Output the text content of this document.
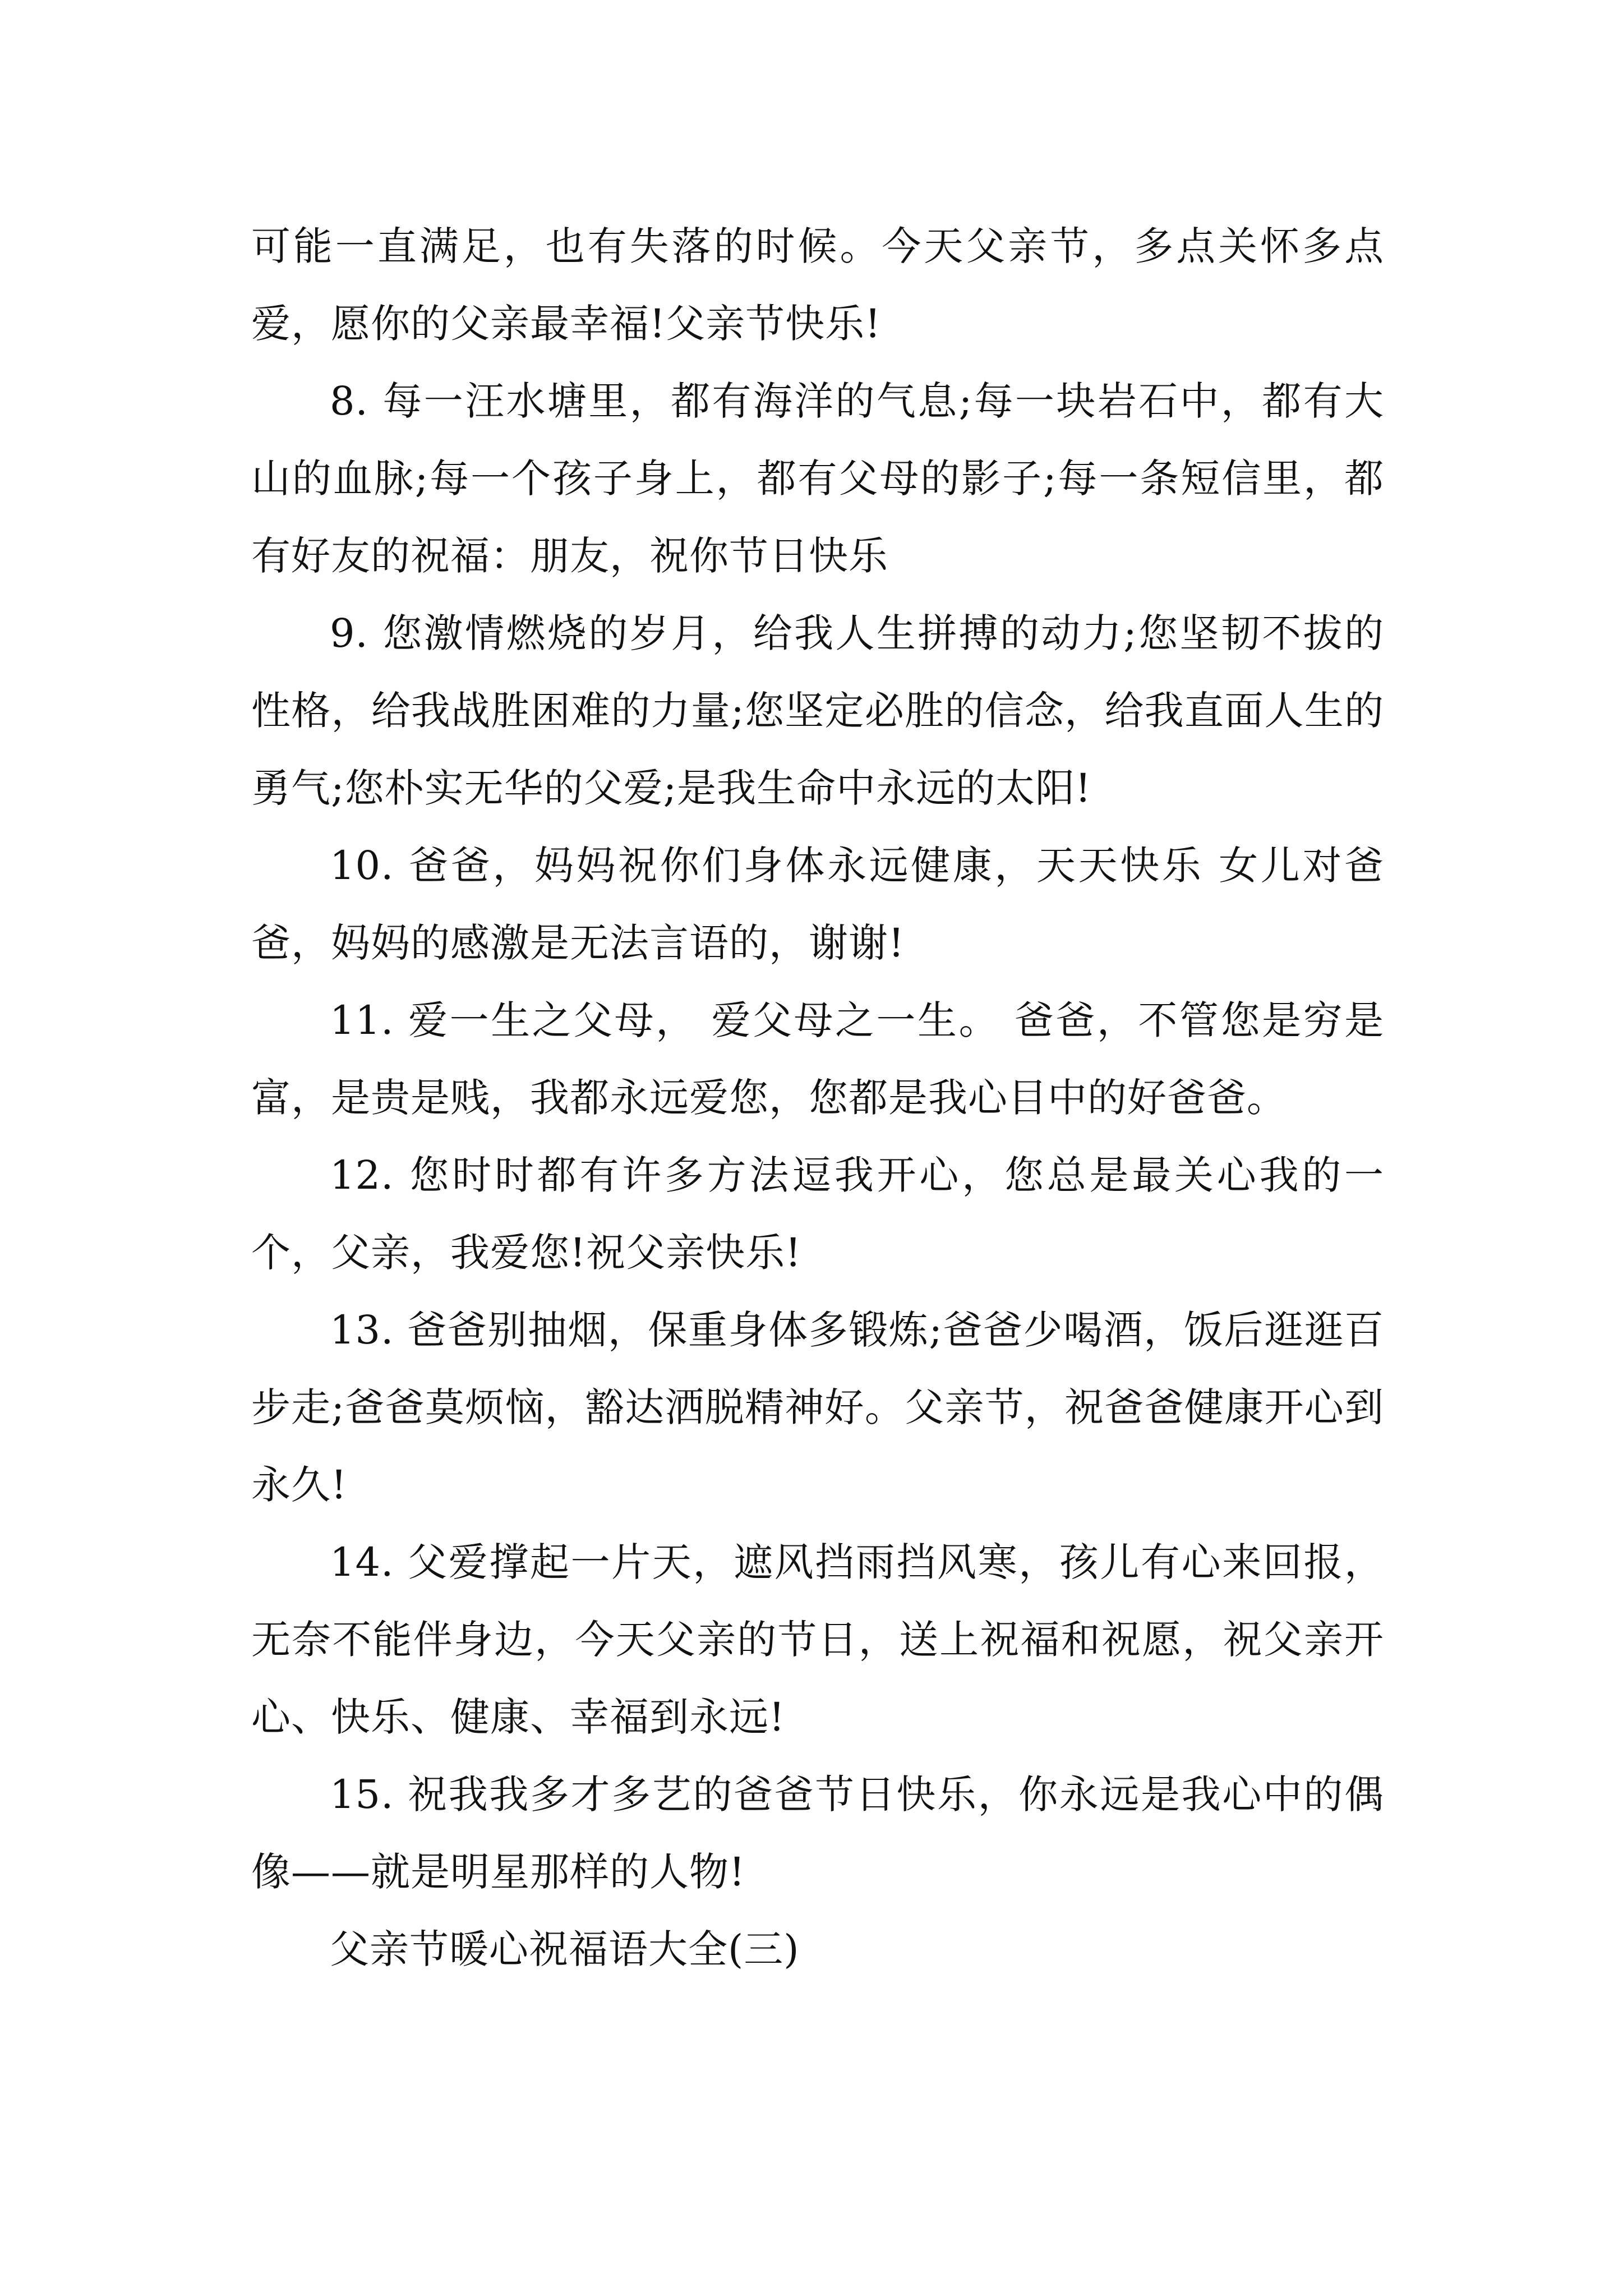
可能一直满足，也有失落的时候。今天父亲节，多点关怀多点爱，愿你的父亲最幸福!父亲节快乐!

8. 每一汪水塘里，都有海洋的气息;每一块岩石中，都有大山的血脉;每一个孩子身上，都有父母的影子;每一条短信里，都有好友的祝福：朋友，祝你节日快乐

9. 您激情燃烧的岁月，给我人生拼搏的动力;您坚韧不拔的性格，给我战胜困难的力量;您坚定必胜的信念，给我直面人生的勇气;您朴实无华的父爱;是我生命中永远的太阳!

10. 爸爸，妈妈祝你们身体永远健康，天天快乐 女儿对爸爸，妈妈的感激是无法言语的，谢谢!

11. 爱一生之父母， 爱父母之一生。 爸爸，不管您是穷是富，是贵是贱，我都永远爱您，您都是我心目中的好爸爸。

12. 您时时都有许多方法逗我开心，您总是最关心我的一个，父亲，我爱您!祝父亲快乐!

13. 爸爸别抽烟，保重身体多锻炼;爸爸少喝酒，饭后逛逛百步走;爸爸莫烦恼，豁达洒脱精神好。父亲节，祝爸爸健康开心到永久!

14. 父爱撑起一片天，遮风挡雨挡风寒，孩儿有心来回报，无奈不能伴身边，今天父亲的节日，送上祝福和祝愿，祝父亲开心、快乐、健康、幸福到永远!

15. 祝我我多才多艺的爸爸节日快乐，你永远是我心中的偶像——就是明星那样的人物!

父亲节暖心祝福语大全(三)
